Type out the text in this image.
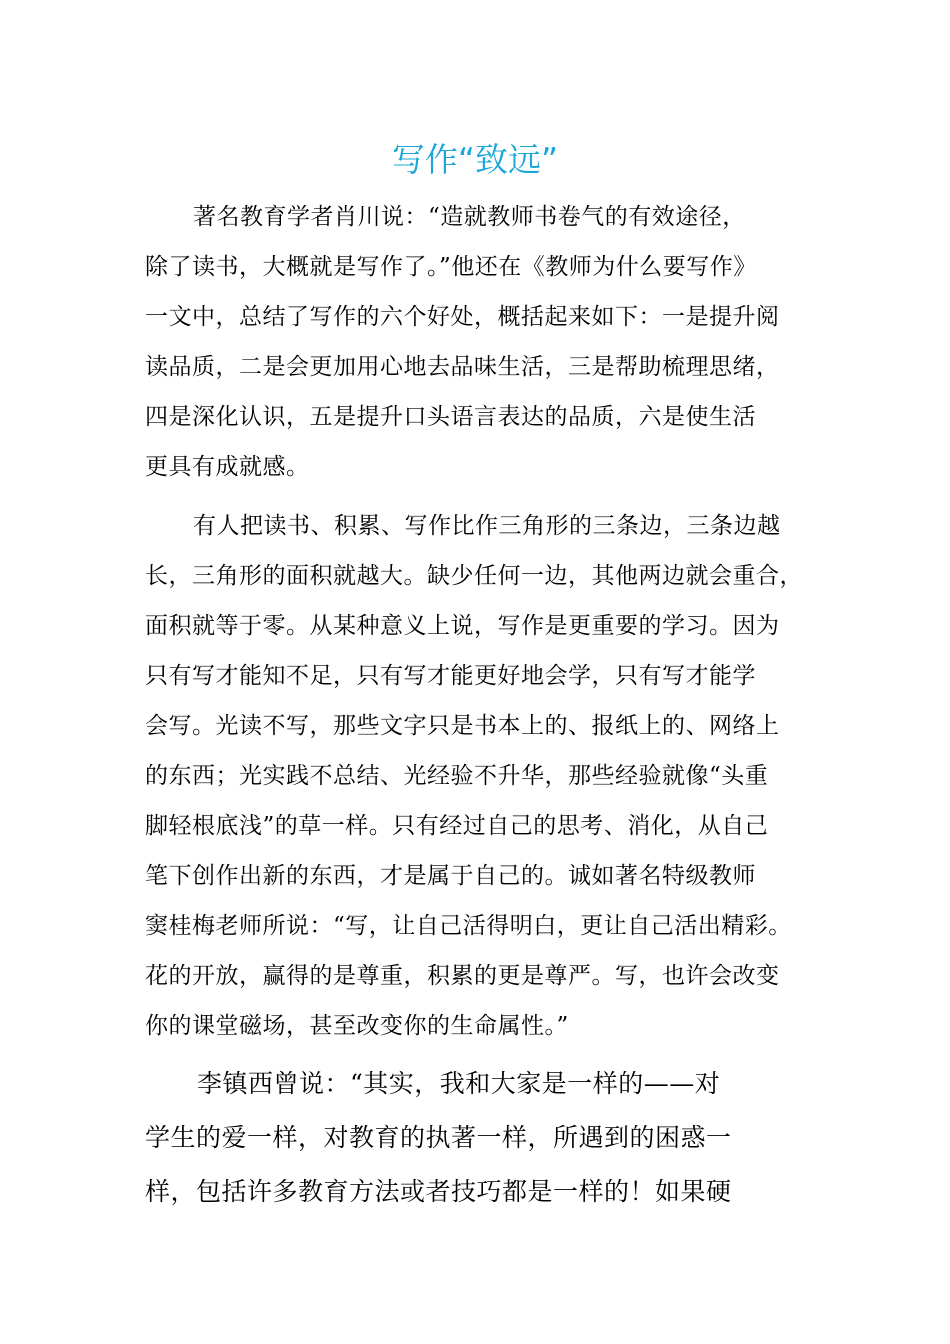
写作“致远”
著名教育学者肖川说：“造就教师书卷气的有效途径，
除了读书，大概就是写作了。”他还在《教师为什么要写作》
一文中，总结了写作的六个好处，概括起来如下：一是提升阅
读品质，二是会更加用心地去品味生活，三是帮助梳理思绪，
四是深化认识，五是提升口头语言表达的品质，六是使生活
更具有成就感。
有人把读书、积累、写作比作三角形的三条边，三条边越
长，三角形的面积就越大。缺少任何一边，其他两边就会重合，
面积就等于零。从某种意义上说，写作是更重要的学习。因为
只有写才能知不足，只有写才能更好地会学，只有写才能学
会写。光读不写，那些文字只是书本上的、报纸上的、网络上
的东西；光实践不总结、光经验不升华，那些经验就像“头重
脚轻根底浅”的草一样。只有经过自己的思考、消化，从自己
笔下创作出新的东西，才是属于自己的。诚如著名特级教师
窦桂梅老师所说：“写，让自己活得明白，更让自己活出精彩。
花的开放，赢得的是尊重，积累的更是尊严。写，也许会改变
你的课堂磁场，甚至改变你的生命属性。”
李镇西曾说：“其实，我和大家是一样的——对
学生的爱一样，对教育的执著一样，所遇到的困惑一
样，包括许多教育方法或者技巧都是一样的！如果硬
